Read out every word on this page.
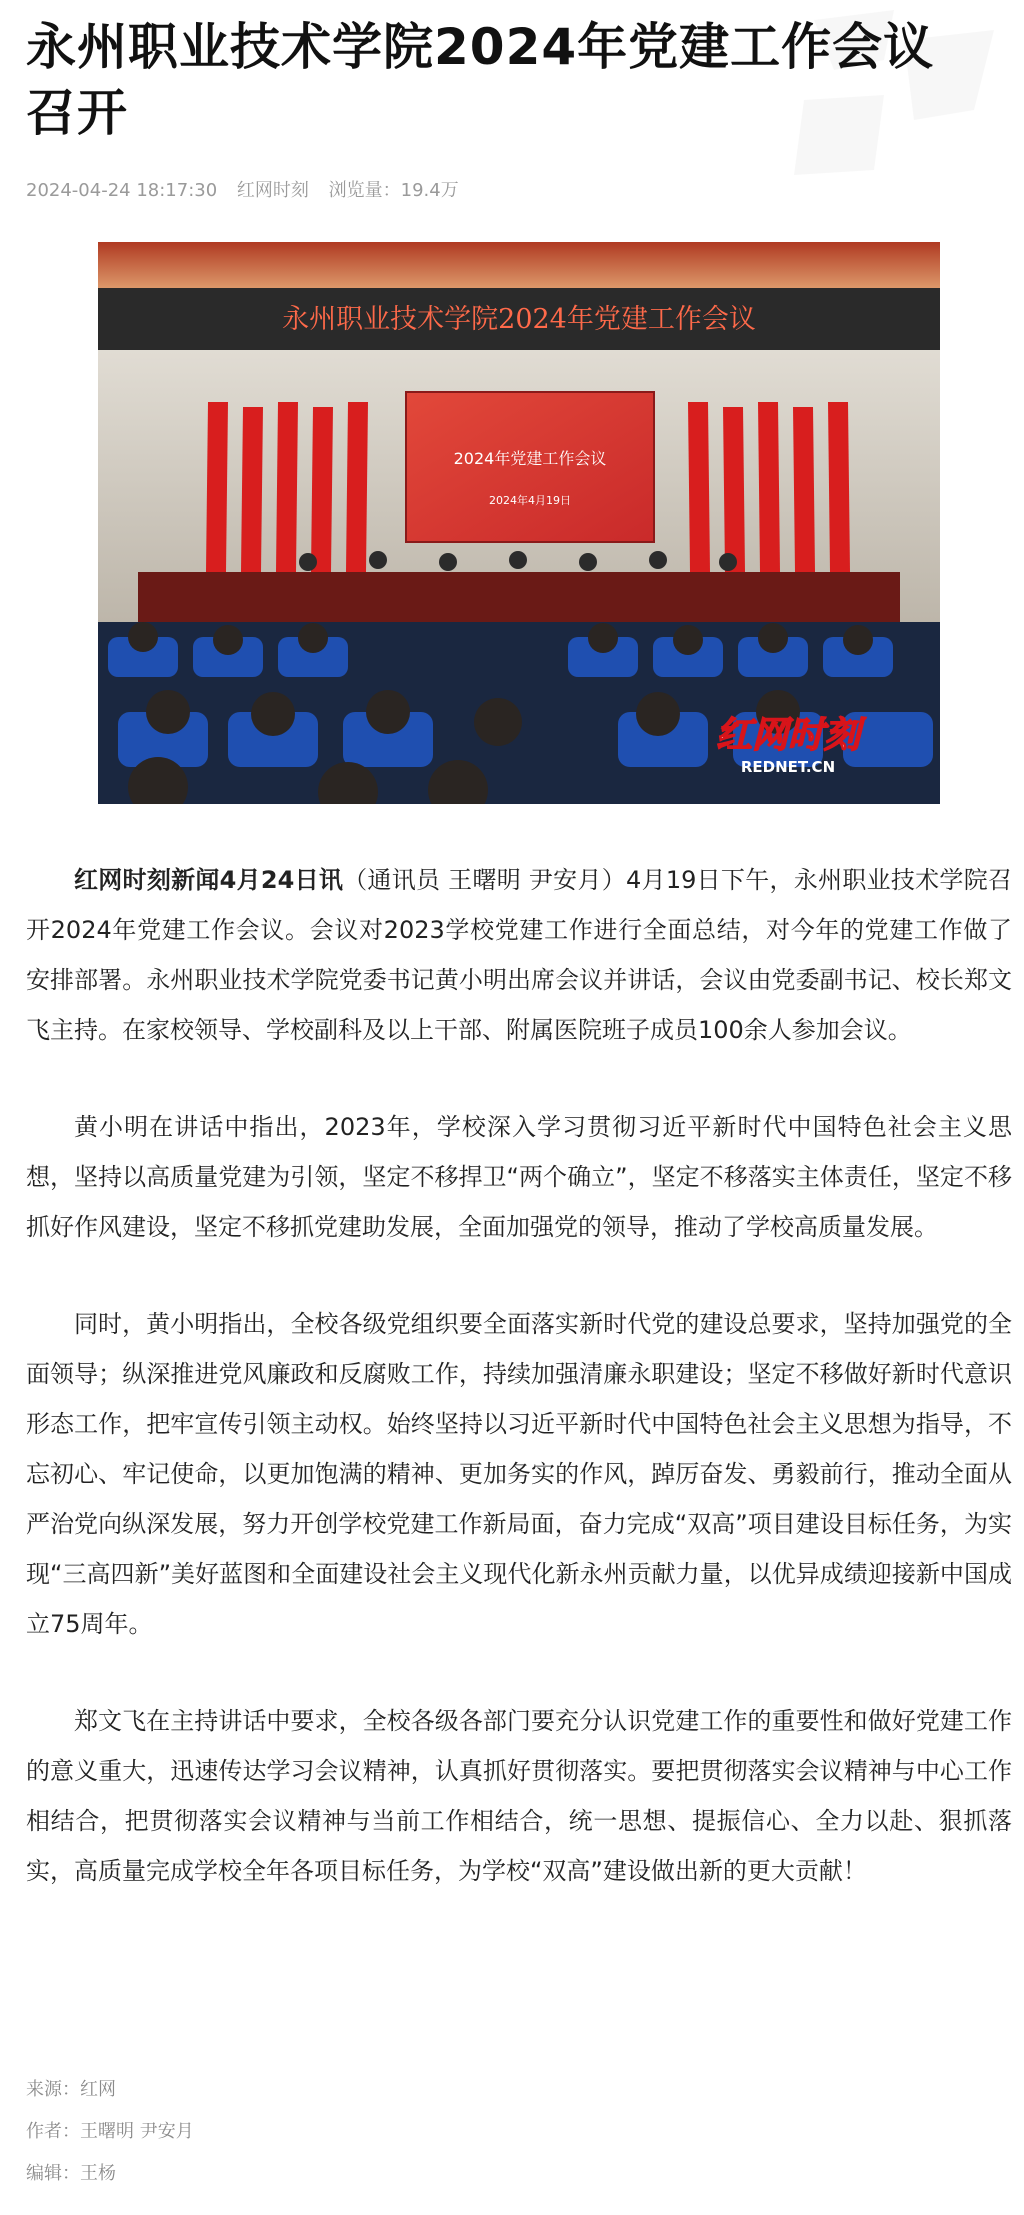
永州职业技术学院2024年党建工作会议召开
2024-04-24 18:17:30 红网时刻 浏览量：19.4万
永州职业技术学院2024年党建工作会议
2024年党建工作会议
2024年4月19日
红网时刻
REDNET.CN

红网时刻新闻4月24日讯（通讯员 王曙明 尹安月）4月19日下午，永州职业技术学院召开2024年党建工作会议。会议对2023学校党建工作进行全面总结，对今年的党建工作做了安排部署。永州职业技术学院党委书记黄小明出席会议并讲话，会议由党委副书记、校长郑文飞主持。在家校领导、学校副科及以上干部、附属医院班子成员100余人参加会议。

黄小明在讲话中指出，2023年，学校深入学习贯彻习近平新时代中国特色社会主义思想，坚持以高质量党建为引领，坚定不移捍卫“两个确立”，坚定不移落实主体责任，坚定不移抓好作风建设，坚定不移抓党建助发展，全面加强党的领导，推动了学校高质量发展。

同时，黄小明指出，全校各级党组织要全面落实新时代党的建设总要求，坚持加强党的全面领导；纵深推进党风廉政和反腐败工作，持续加强清廉永职建设；坚定不移做好新时代意识形态工作，把牢宣传引领主动权。始终坚持以习近平新时代中国特色社会主义思想为指导，不忘初心、牢记使命，以更加饱满的精神、更加务实的作风，踔厉奋发、勇毅前行，推动全面从严治党向纵深发展，努力开创学校党建工作新局面，奋力完成“双高”项目建设目标任务，为实现“三高四新”美好蓝图和全面建设社会主义现代化新永州贡献力量，以优异成绩迎接新中国成立75周年。

郑文飞在主持讲话中要求，全校各级各部门要充分认识党建工作的重要性和做好党建工作的意义重大，迅速传达学习会议精神，认真抓好贯彻落实。要把贯彻落实会议精神与中心工作相结合，把贯彻落实会议精神与当前工作相结合，统一思想、提振信心、全力以赴、狠抓落实，高质量完成学校全年各项目标任务，为学校“双高”建设做出新的更大贡献！

来源：红网
作者：王曙明 尹安月
编辑：王杨
